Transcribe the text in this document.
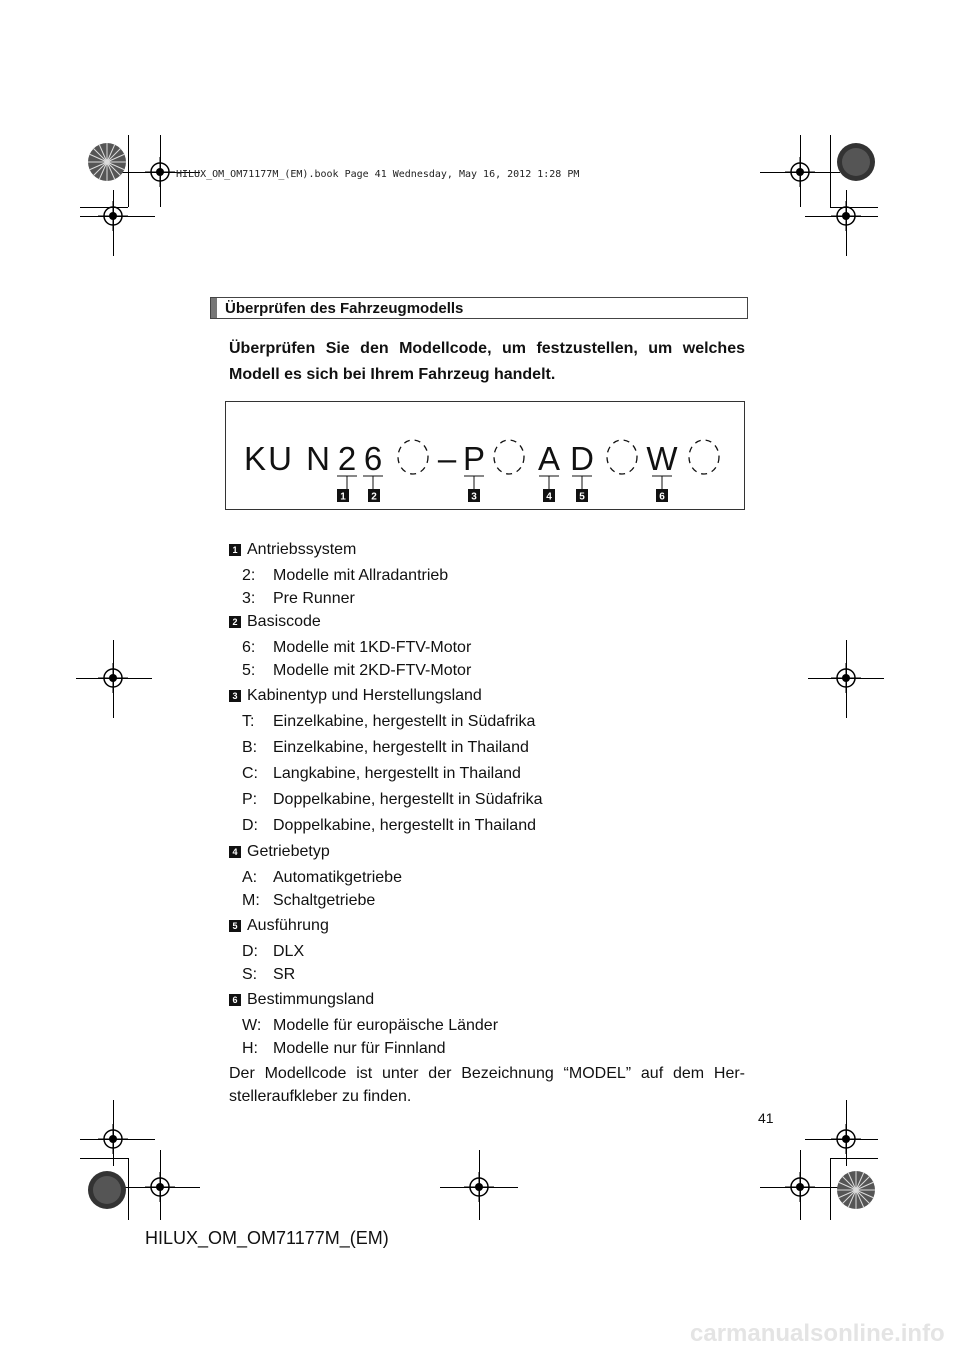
HILUX_OM_OM71177M_(EM).book Page 41 Wednesday, May 16, 2012 1:28 PM
Überprüfen des Fahrzeugmodells
Überprüfen Sie den Modellcode, um festzustellen, um welches Modell es sich bei Ihrem Fahrzeug handelt.
K U N 2 6 – P A D W
1	2	3	4	5	6
1 Antriebssystem
2:	Modelle mit Allradantrieb
3:	Pre Runner
2 Basiscode
6:	Modelle mit 1KD-FTV-Motor
5:	Modelle mit 2KD-FTV-Motor
3 Kabinentyp und Herstellungsland
T:	Einzelkabine, hergestellt in Südafrika
B: Einzelkabine, hergestellt in Thailand
C: Langkabine, hergestellt in Thailand
P: Doppelkabine, hergestellt in Südafrika
D: Doppelkabine, hergestellt in Thailand
4 Getriebetyp
A: Automatikgetriebe
M: Schaltgetriebe
5 Ausführung
D: DLX
S: SR
6 Bestimmungsland
W: Modelle für europäische Länder
H: Modelle nur für Finnland
Der Modellcode ist unter der Bezeichnung “MODEL” auf dem Her-stelleraufkleber zu finden.
41
HILUX_OM_OM71177M_(EM)
carmanualsonline.info
